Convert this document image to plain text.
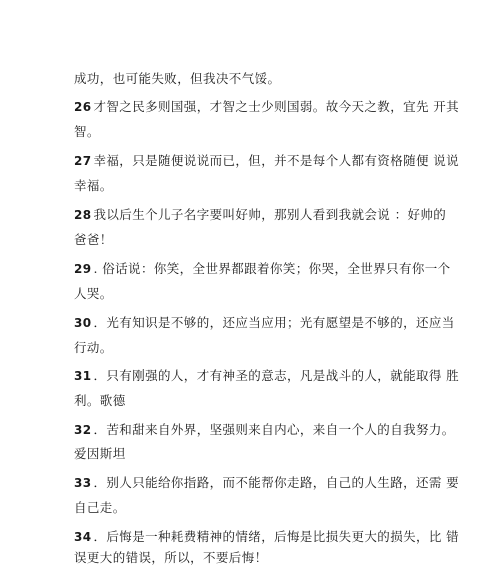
成功，也可能失败，但我决不气馁。
26 才智之民多则国强，才智之士少则国弱。故今天之教，宜先 开其
智。
27 幸福，只是随便说说而已，但，并不是每个人都有资格随便 说说
幸福。
28 我以后生个儿子名字要叫好帅，那别人看到我就会说 ：好帅的
爸爸！
29 . 俗话说：你笑，全世界都跟着你笑；你哭，全世界只有你一个
人哭。
30 ．光有知识是不够的，还应当应用；光有愿望是不够的，还应当
行动。
31 ．只有刚强的人，才有神圣的意志，凡是战斗的人，就能取得 胜
利。歌德
32 ．苦和甜来自外界，坚强则来自内心，来自一个人的自我努力。
爱因斯坦
33 ．别人只能给你指路，而不能帮你走路，自己的人生路，还需 要
自己走。
34 ．后悔是一种耗费精神的情绪，后悔是比损失更大的损失，比 错
误更大的错误，所以，不要后悔！
